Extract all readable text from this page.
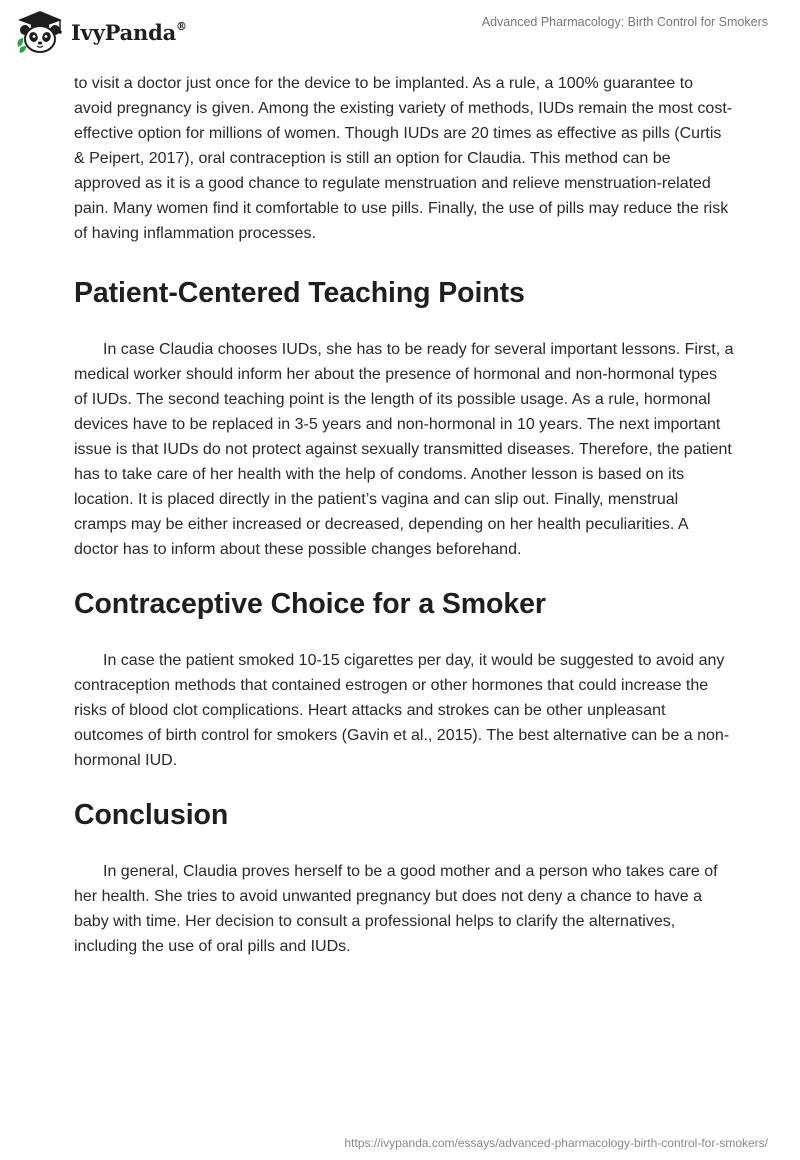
IvyPanda®	Advanced Pharmacology: Birth Control for Smokers

to visit a doctor just once for the device to be implanted. As a rule, a 100% guarantee to avoid pregnancy is given. Among the existing variety of methods, IUDs remain the most cost-effective option for millions of women. Though IUDs are 20 times as effective as pills (Curtis & Peipert, 2017), oral contraception is still an option for Claudia. This method can be approved as it is a good chance to regulate menstruation and relieve menstruation-related pain. Many women find it comfortable to use pills. Finally, the use of pills may reduce the risk of having inflammation processes.

Patient-Centered Teaching Points

In case Claudia chooses IUDs, she has to be ready for several important lessons. First, a medical worker should inform her about the presence of hormonal and non-hormonal types of IUDs. The second teaching point is the length of its possible usage. As a rule, hormonal devices have to be replaced in 3-5 years and non-hormonal in 10 years. The next important issue is that IUDs do not protect against sexually transmitted diseases. Therefore, the patient has to take care of her health with the help of condoms. Another lesson is based on its location. It is placed directly in the patient’s vagina and can slip out. Finally, menstrual cramps may be either increased or decreased, depending on her health peculiarities. A doctor has to inform about these possible changes beforehand.

Contraceptive Choice for a Smoker

In case the patient smoked 10-15 cigarettes per day, it would be suggested to avoid any contraception methods that contained estrogen or other hormones that could increase the risks of blood clot complications. Heart attacks and strokes can be other unpleasant outcomes of birth control for smokers (Gavin et al., 2015). The best alternative can be a non-hormonal IUD.

Conclusion

In general, Claudia proves herself to be a good mother and a person who takes care of her health. She tries to avoid unwanted pregnancy but does not deny a chance to have a baby with time. Her decision to consult a professional helps to clarify the alternatives, including the use of oral pills and IUDs.

https://ivypanda.com/essays/advanced-pharmacology-birth-control-for-smokers/
